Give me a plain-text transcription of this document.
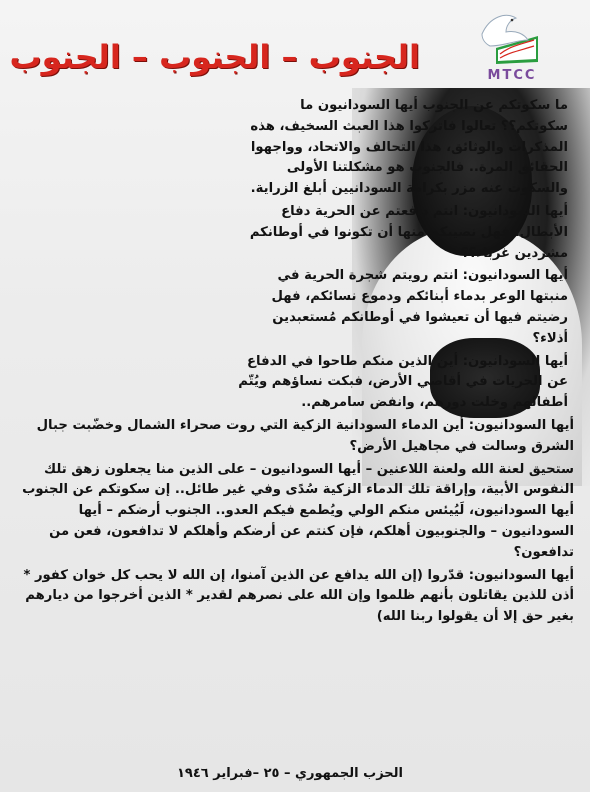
MTCC
الجنوب – الجنوب – الجنوب

ما سكوتكم عن الجنوب أيها السودانيون ما سكوتكم؟؟ تعالوا فاتركوا هذا العبث السخيف، هذه المذكرات والوثائق، هذا التحالف والاتحاد، وواجهوا الحقائق المرة.. فالجنوب هو مشكلتنا الأولى والسكوت عنه مزر بكرامة السودانيين أبلغ الزراية.

أيها السودانيون: انتم دافعتم عن الحرية دفاع الأبطال، فهل نصيبكم منها أن تكونوا في أوطانكم مشردين غرباء؟؟

أيها السودانيون: انتم رويتم شجرة الحرية في منبتها الوعر بدماء أبنائكم ودموع نسائكم، فهل رضيتم فيها أن تعيشوا في أوطانكم مُستعبدين أذلاء؟

أيها السودانيون: أين الذين منكم طاحوا في الدفاع عن الحريات في أقاصي الأرض، فبكت نساؤهم ويُتّم أطفالهم وخلت دورهم، وانفض سامرهم..

أيها السودانيون: أين الدماء السودانية الزكية التي روت صحراء الشمال وخضّبت جبال الشرق وسالت في مجاهيل الأرض؟

ستحيق لعنة الله ولعنة اللاعنين – أيها السودانيون – على الذين منا يجعلون زهق تلك النفوس الأبية، وإراقة تلك الدماء الزكية سُدًى وفي غير طائل.. إن سكوتكم عن الجنوب أيها السودانيون، لَيُيئس منكم الولي ويُطمع فيكم العدو.. الجنوب أرضكم – أيها السودانيون – والجنوبيون أهلكم، فإن كنتم عن أرضكم وأهلكم لا تدافعون، فعن من تدافعون؟

أيها السودانيون: قدّروا (إن الله يدافع عن الذين آمنوا، إن الله لا يحب كل خوان كفور * أذن للذين يقاتلون بأنهم ظلموا وإن الله على نصرهم لقدير * الذين أخرجوا من ديارهم بغير حق إلا أن يقولوا ربنا الله)

الحزب الجمهوري – ٢٥ –فبراير ١٩٤٦
